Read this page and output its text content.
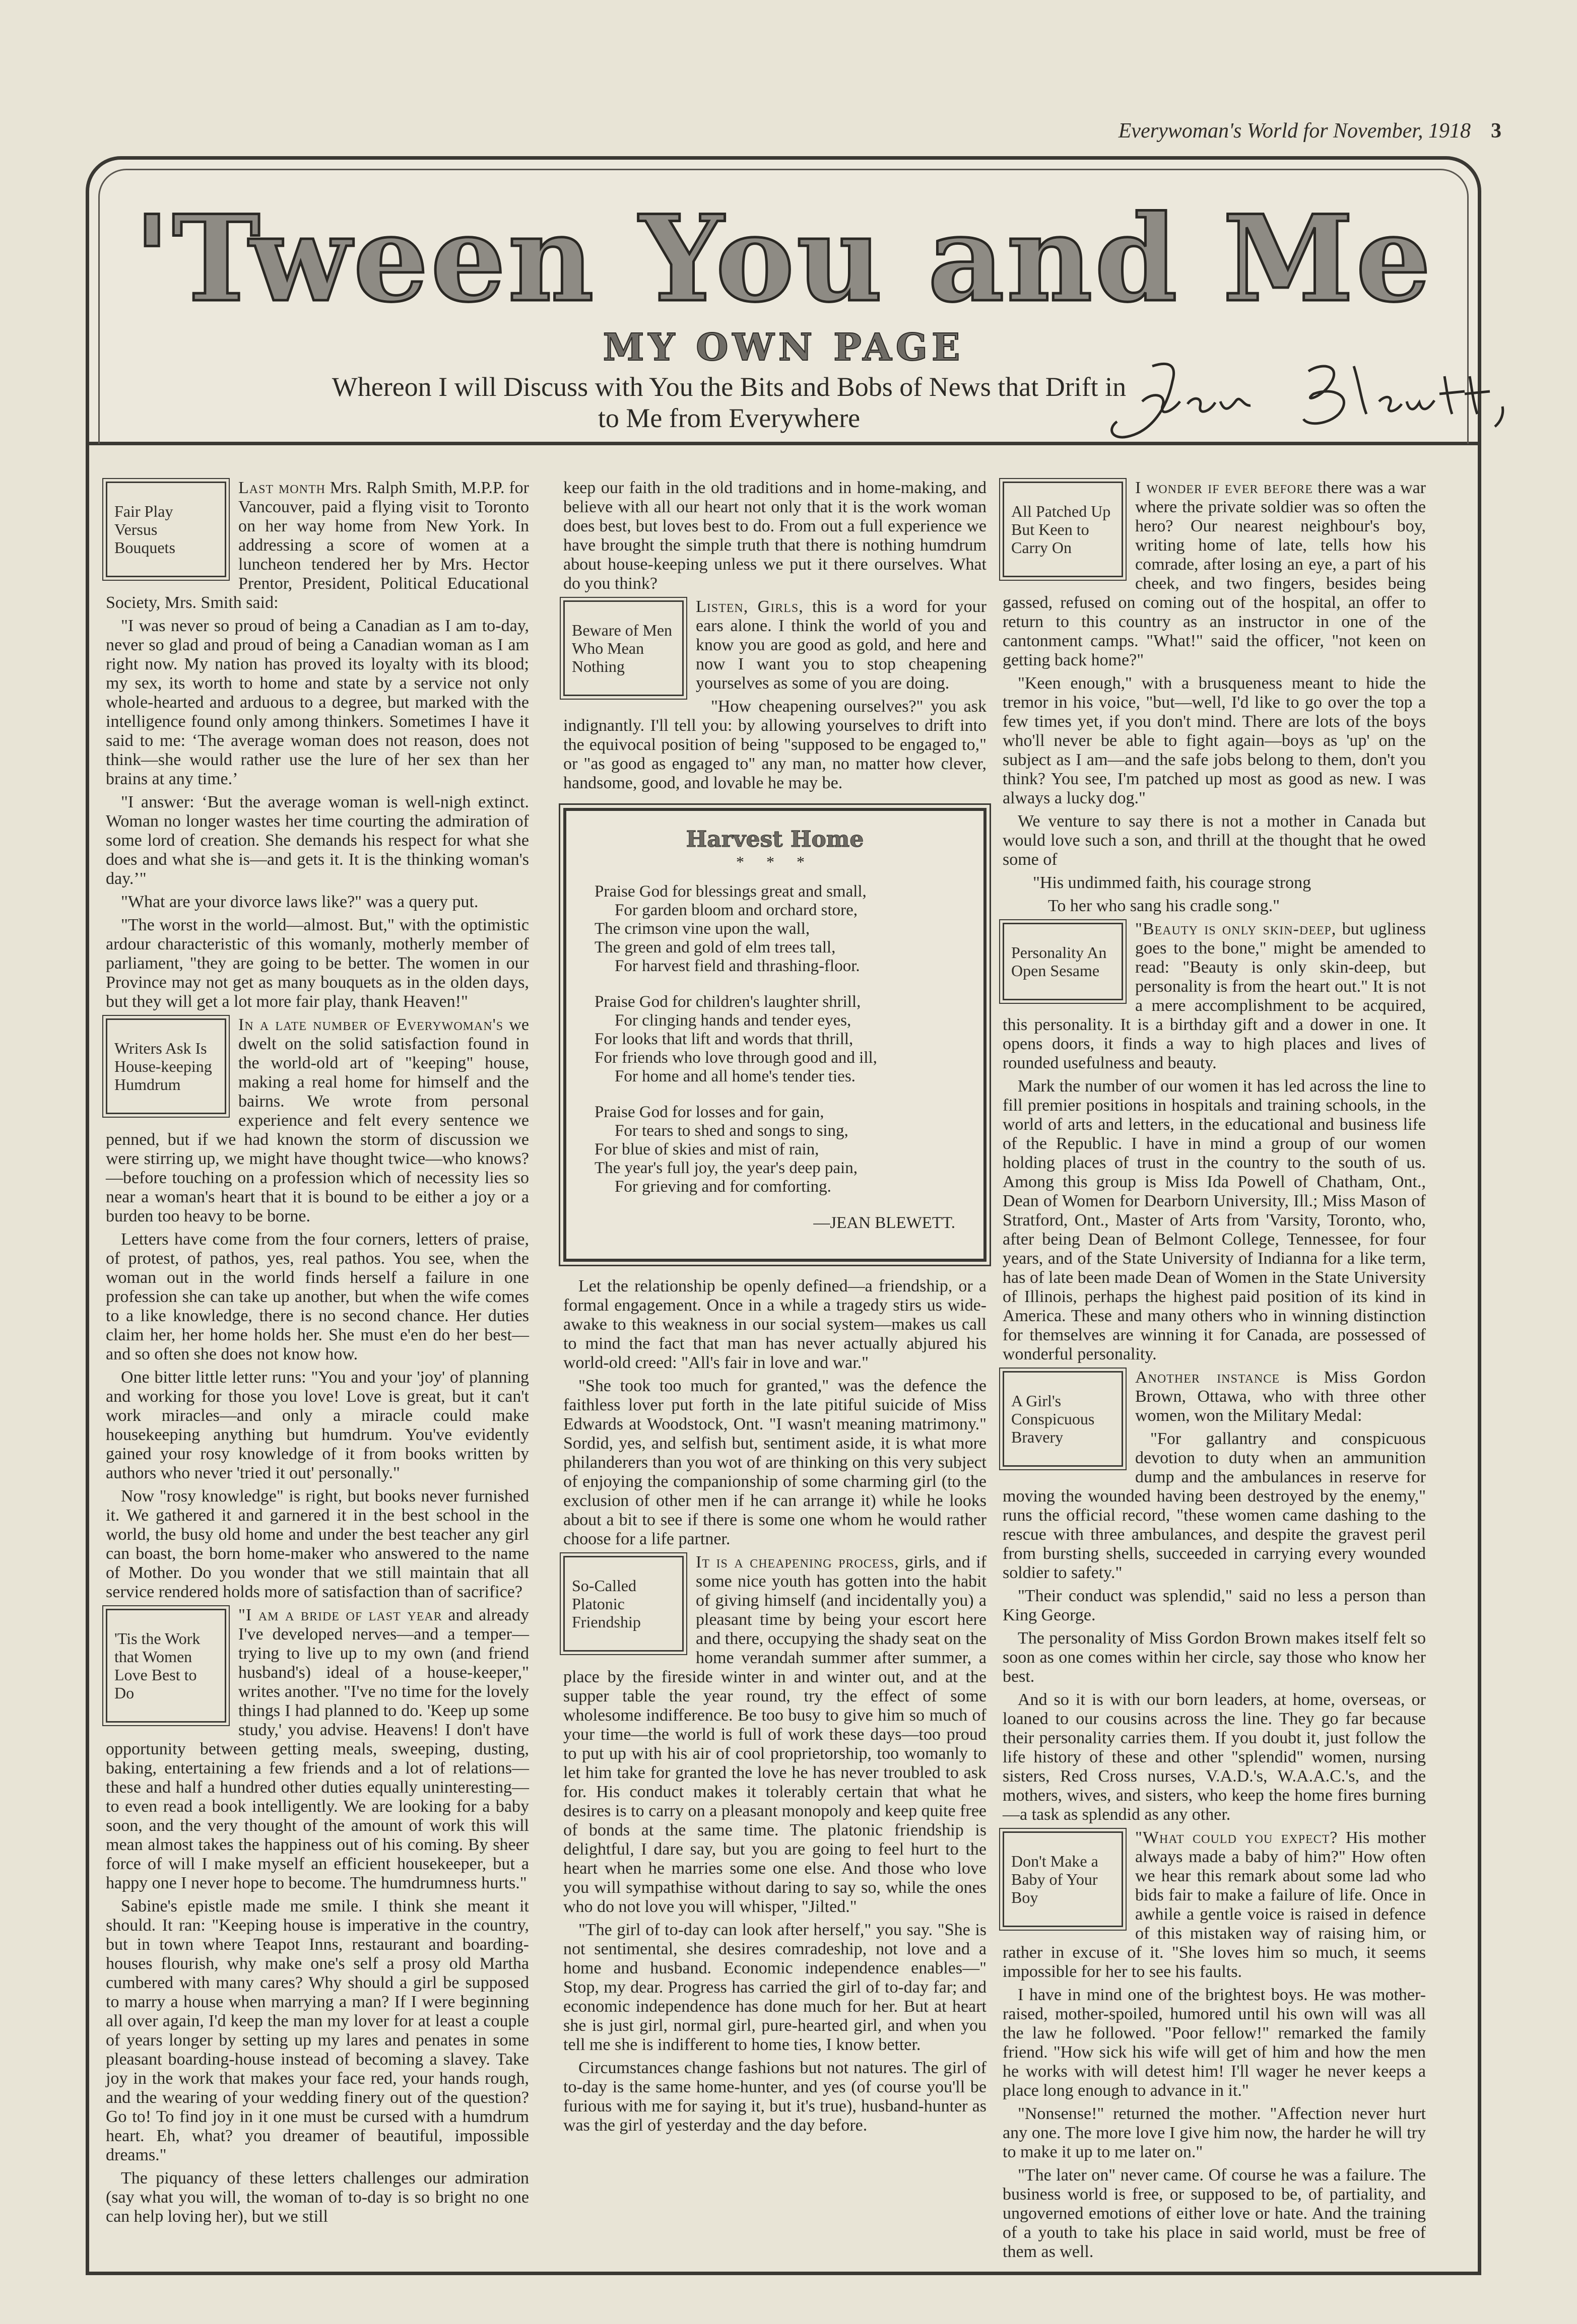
Everywoman's World for November, 1918 3
'Tween You and Me
MY OWN PAGE
Whereon I will Discuss with You the Bits and Bobs of News that Drift in to Me from Everywhere
Fair Play Versus Bouquets

Last month Mrs. Ralph Smith, M.P.P. for Vancouver, paid a flying visit to Toronto on her way home from New York. In addressing a score of women at a luncheon tendered her by Mrs. Hector Prentor, President, Political Educational Society, Mrs. Smith said:

"I was never so proud of being a Canadian as I am to-day, never so glad and proud of being a Canadian woman as I am right now. My nation has proved its loyalty with its blood; my sex, its worth to home and state by a service not only whole-hearted and arduous to a degree, but marked with the intelligence found only among thinkers. Sometimes I have it said to me: ‘The average woman does not reason, does not think—she would rather use the lure of her sex than her brains at any time.’

"I answer: ‘But the average woman is well-nigh extinct. Woman no longer wastes her time courting the admiration of some lord of creation. She demands his respect for what she does and what she is—and gets it. It is the thinking woman's day.’"

"What are your divorce laws like?" was a query put.

"The worst in the world—almost. But," with the optimistic ardour characteristic of this womanly, motherly member of parliament, "they are going to be better. The women in our Province may not get as many bouquets as in the olden days, but they will get a lot more fair play, thank Heaven!"

Writers Ask Is House-keeping Humdrum

In a late number of Everywoman's we dwelt on the solid satisfaction found in the world-old art of "keeping" house, making a real home for himself and the bairns. We wrote from personal experience and felt every sentence we penned, but if we had known the storm of discussion we were stirring up, we might have thought twice—who knows?—before touching on a profession which of necessity lies so near a woman's heart that it is bound to be either a joy or a burden too heavy to be borne.

Letters have come from the four corners, letters of praise, of protest, of pathos, yes, real pathos. You see, when the woman out in the world finds herself a failure in one profession she can take up another, but when the wife comes to a like knowledge, there is no second chance. Her duties claim her, her home holds her. She must e'en do her best—and so often she does not know how.

One bitter little letter runs: "You and your 'joy' of planning and working for those you love! Love is great, but it can't work miracles—and only a miracle could make housekeeping anything but humdrum. You've evidently gained your rosy knowledge of it from books written by authors who never 'tried it out' personally."

Now "rosy knowledge" is right, but books never furnished it. We gathered it and garnered it in the best school in the world, the busy old home and under the best teacher any girl can boast, the born home-maker who answered to the name of Mother. Do you wonder that we still maintain that all service rendered holds more of satisfaction than of sacrifice?

'Tis the Work that Women Love Best to Do

"I am a bride of last year and already I've developed nerves—and a temper—trying to live up to my own (and friend husband's) ideal of a house-keeper," writes another. "I've no time for the lovely things I had planned to do. 'Keep up some study,' you advise. Heavens! I don't have opportunity between getting meals, sweeping, dusting, baking, entertaining a few friends and a lot of relations—these and half a hundred other duties equally uninteresting—to even read a book intelligently. We are looking for a baby soon, and the very thought of the amount of work this will mean almost takes the happiness out of his coming. By sheer force of will I make myself an efficient housekeeper, but a happy one I never hope to become. The humdrumness hurts."

Sabine's epistle made me smile. I think she meant it should. It ran: "Keeping house is imperative in the country, but in town where Teapot Inns, restaurant and boarding-houses flourish, why make one's self a prosy old Martha cumbered with many cares? Why should a girl be supposed to marry a house when marrying a man? If I were beginning all over again, I'd keep the man my lover for at least a couple of years longer by setting up my lares and penates in some pleasant boarding-house instead of becoming a slavey. Take joy in the work that makes your face red, your hands rough, and the wearing of your wedding finery out of the question? Go to! To find joy in it one must be cursed with a humdrum heart. Eh, what? you dreamer of beautiful, impossible dreams."

The piquancy of these letters challenges our admiration (say what you will, the woman of to-day is so bright no one can help loving her), but we still

keep our faith in the old traditions and in home-making, and believe with all our heart not only that it is the work woman does best, but loves best to do. From out a full experience we have brought the simple truth that there is nothing humdrum about house-keeping unless we put it there ourselves. What do you think?

Beware of Men Who Mean Nothing

Listen, Girls, this is a word for your ears alone. I think the world of you and know you are good as gold, and here and now I want you to stop cheapening yourselves as some of you are doing.

"How cheapening ourselves?" you ask indignantly. I'll tell you: by allowing yourselves to drift into the equivocal position of being "supposed to be engaged to," or "as good as engaged to" any man, no matter how clever, handsome, good, and lovable he may be.

Harvest Home
* * *
Praise God for blessings great and small,
For garden bloom and orchard store,
The crimson vine upon the wall,
The green and gold of elm trees tall,
For harvest field and thrashing-floor.
Praise God for children's laughter shrill,
For clinging hands and tender eyes,
For looks that lift and words that thrill,
For friends who love through good and ill,
For home and all home's tender ties.
Praise God for losses and for gain,
For tears to shed and songs to sing,
For blue of skies and mist of rain,
The year's full joy, the year's deep pain,
For grieving and for comforting.
—JEAN BLEWETT.

Let the relationship be openly defined—a friendship, or a formal engagement. Once in a while a tragedy stirs us wide-awake to this weakness in our social system—makes us call to mind the fact that man has never actually abjured his world-old creed: "All's fair in love and war."

"She took too much for granted," was the defence the faithless lover put forth in the late pitiful suicide of Miss Edwards at Woodstock, Ont. "I wasn't meaning matrimony." Sordid, yes, and selfish but, sentiment aside, it is what more philanderers than you wot of are thinking on this very subject of enjoying the companionship of some charming girl (to the exclusion of other men if he can arrange it) while he looks about a bit to see if there is some one whom he would rather choose for a life partner.

So-Called Platonic Friendship

It is a cheapening process, girls, and if some nice youth has gotten into the habit of giving himself (and incidentally you) a pleasant time by being your escort here and there, occupying the shady seat on the home verandah summer after summer, a place by the fireside winter in and winter out, and at the supper table the year round, try the effect of some wholesome indifference. Be too busy to give him so much of your time—the world is full of work these days—too proud to put up with his air of cool proprietorship, too womanly to let him take for granted the love he has never troubled to ask for. His conduct makes it tolerably certain that what he desires is to carry on a pleasant monopoly and keep quite free of bonds at the same time. The platonic friendship is delightful, I dare say, but you are going to feel hurt to the heart when he marries some one else. And those who love you will sympathise without daring to say so, while the ones who do not love you will whisper, "Jilted."

"The girl of to-day can look after herself," you say. "She is not sentimental, she desires comradeship, not love and a home and husband. Economic independence enables—" Stop, my dear. Progress has carried the girl of to-day far; and economic independence has done much for her. But at heart she is just girl, normal girl, pure-hearted girl, and when you tell me she is indifferent to home ties, I know better.

Circumstances change fashions but not natures. The girl of to-day is the same home-hunter, and yes (of course you'll be furious with me for saying it, but it's true), husband-hunter as was the girl of yesterday and the day before.

All Patched Up But Keen to Carry On

I wonder if ever before there was a war where the private soldier was so often the hero? Our nearest neighbour's boy, writing home of late, tells how his comrade, after losing an eye, a part of his cheek, and two fingers, besides being gassed, refused on coming out of the hospital, an offer to return to this country as an instructor in one of the cantonment camps. "What!" said the officer, "not keen on getting back home?"

"Keen enough," with a brusqueness meant to hide the tremor in his voice, "but—well, I'd like to go over the top a few times yet, if you don't mind. There are lots of the boys who'll never be able to fight again—boys as 'up' on the subject as I am—and the safe jobs belong to them, don't you think? You see, I'm patched up most as good as new. I was always a lucky dog."

We venture to say there is not a mother in Canada but would love such a son, and thrill at the thought that he owed some of

"His undimmed faith, his courage strong

To her who sang his cradle song."

Personality An Open Sesame

"Beauty is only skin-deep, but ugliness goes to the bone," might be amended to read: "Beauty is only skin-deep, but personality is from the heart out." It is not a mere accomplishment to be acquired, this personality. It is a birthday gift and a dower in one. It opens doors, it finds a way to high places and lives of rounded usefulness and beauty.

Mark the number of our women it has led across the line to fill premier positions in hospitals and training schools, in the world of arts and letters, in the educational and business life of the Republic. I have in mind a group of our women holding places of trust in the country to the south of us. Among this group is Miss Ida Powell of Chatham, Ont., Dean of Women for Dearborn University, Ill.; Miss Mason of Stratford, Ont., Master of Arts from 'Varsity, Toronto, who, after being Dean of Belmont College, Tennessee, for four years, and of the State University of Indianna for a like term, has of late been made Dean of Women in the State University of Illinois, perhaps the highest paid position of its kind in America. These and many others who in winning distinction for themselves are winning it for Canada, are possessed of wonderful personality.

A Girl's Conspicuous Bravery

Another instance is Miss Gordon Brown, Ottawa, who with three other women, won the Military Medal:

"For gallantry and conspicuous devotion to duty when an ammunition dump and the ambulances in reserve for moving the wounded having been destroyed by the enemy," runs the official record, "these women came dashing to the rescue with three ambulances, and despite the gravest peril from bursting shells, succeeded in carrying every wounded soldier to safety."

"Their conduct was splendid," said no less a person than King George.

The personality of Miss Gordon Brown makes itself felt so soon as one comes within her circle, say those who know her best.

And so it is with our born leaders, at home, overseas, or loaned to our cousins across the line. They go far because their personality carries them. If you doubt it, just follow the life history of these and other "splendid" women, nursing sisters, Red Cross nurses, V.A.D.'s, W.A.A.C.'s, and the mothers, wives, and sisters, who keep the home fires burning—a task as splendid as any other.

Don't Make a Baby of Your Boy

"What could you expect? His mother always made a baby of him?" How often we hear this remark about some lad who bids fair to make a failure of life. Once in awhile a gentle voice is raised in defence of this mistaken way of raising him, or rather in excuse of it. "She loves him so much, it seems impossible for her to see his faults.

I have in mind one of the brightest boys. He was mother-raised, mother-spoiled, humored until his own will was all the law he followed. "Poor fellow!" remarked the family friend. "How sick his wife will get of him and how the men he works with will detest him! I'll wager he never keeps a place long enough to advance in it."

"Nonsense!" returned the mother. "Affection never hurt any one. The more love I give him now, the harder he will try to make it up to me later on."

"The later on" never came. Of course he was a failure. The business world is free, or supposed to be, of partiality, and ungoverned emotions of either love or hate. And the training of a youth to take his place in said world, must be free of them as well.
